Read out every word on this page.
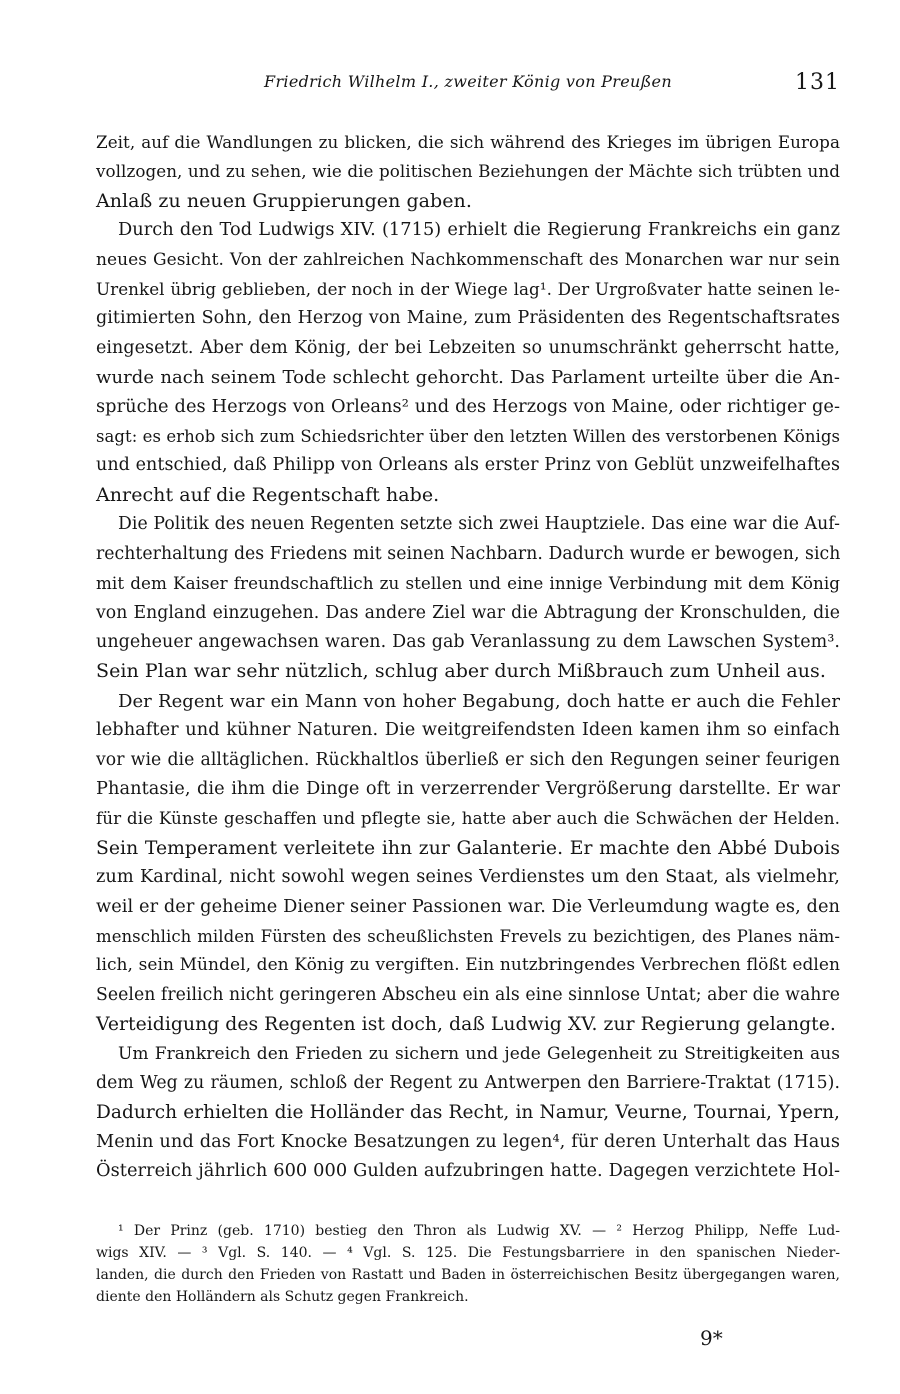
Friedrich Wilhelm I., zweiter König von Preußen	131
Zeit, auf die Wandlungen zu blicken, die sich während des Krieges im übrigen Europa
vollzogen, und zu sehen, wie die politischen Beziehungen der Mächte sich trübten und
Anlaß zu neuen Gruppierungen gaben.
Durch den Tod Ludwigs XIV. (1715) erhielt die Regierung Frankreichs ein ganz
neues Gesicht. Von der zahlreichen Nachkommenschaft des Monarchen war nur sein
Urenkel übrig geblieben, der noch in der Wiege lag¹. Der Urgroßvater hatte seinen le-
gitimierten Sohn, den Herzog von Maine, zum Präsidenten des Regentschaftsrates
eingesetzt. Aber dem König, der bei Lebzeiten so unumschränkt geherrscht hatte,
wurde nach seinem Tode schlecht gehorcht. Das Parlament urteilte über die An-
sprüche des Herzogs von Orleans² und des Herzogs von Maine, oder richtiger ge-
sagt: es erhob sich zum Schiedsrichter über den letzten Willen des verstorbenen Königs
und entschied, daß Philipp von Orleans als erster Prinz von Geblüt unzweifelhaftes
Anrecht auf die Regentschaft habe.
Die Politik des neuen Regenten setzte sich zwei Hauptziele. Das eine war die Auf-
rechterhaltung des Friedens mit seinen Nachbarn. Dadurch wurde er bewogen, sich
mit dem Kaiser freundschaftlich zu stellen und eine innige Verbindung mit dem König
von England einzugehen. Das andere Ziel war die Abtragung der Kronschulden, die
ungeheuer angewachsen waren. Das gab Veranlassung zu dem Lawschen System³.
Sein Plan war sehr nützlich, schlug aber durch Mißbrauch zum Unheil aus.
Der Regent war ein Mann von hoher Begabung, doch hatte er auch die Fehler
lebhafter und kühner Naturen. Die weitgreifendsten Ideen kamen ihm so einfach
vor wie die alltäglichen. Rückhaltlos überließ er sich den Regungen seiner feurigen
Phantasie, die ihm die Dinge oft in verzerrender Vergrößerung darstellte. Er war
für die Künste geschaffen und pflegte sie, hatte aber auch die Schwächen der Helden.
Sein Temperament verleitete ihn zur Galanterie. Er machte den Abbé Dubois
zum Kardinal, nicht sowohl wegen seines Verdienstes um den Staat, als vielmehr,
weil er der geheime Diener seiner Passionen war. Die Verleumdung wagte es, den
menschlich milden Fürsten des scheußlichsten Frevels zu bezichtigen, des Planes näm-
lich, sein Mündel, den König zu vergiften. Ein nutzbringendes Verbrechen flößt edlen
Seelen freilich nicht geringeren Abscheu ein als eine sinnlose Untat; aber die wahre
Verteidigung des Regenten ist doch, daß Ludwig XV. zur Regierung gelangte.
Um Frankreich den Frieden zu sichern und jede Gelegenheit zu Streitigkeiten aus
dem Weg zu räumen, schloß der Regent zu Antwerpen den Barriere-Traktat (1715).
Dadurch erhielten die Holländer das Recht, in Namur, Veurne, Tournai, Ypern,
Menin und das Fort Knocke Besatzungen zu legen⁴, für deren Unterhalt das Haus
Österreich jährlich 600 000 Gulden aufzubringen hatte. Dagegen verzichtete Hol-
¹ Der Prinz (geb. 1710) bestieg den Thron als Ludwig XV. — ² Herzog Philipp, Neffe Lud-
wigs XIV. — ³ Vgl. S. 140. — ⁴ Vgl. S. 125. Die Festungsbarriere in den spanischen Nieder-
landen, die durch den Frieden von Rastatt und Baden in österreichischen Besitz übergegangen waren,
diente den Holländern als Schutz gegen Frankreich.
9*
